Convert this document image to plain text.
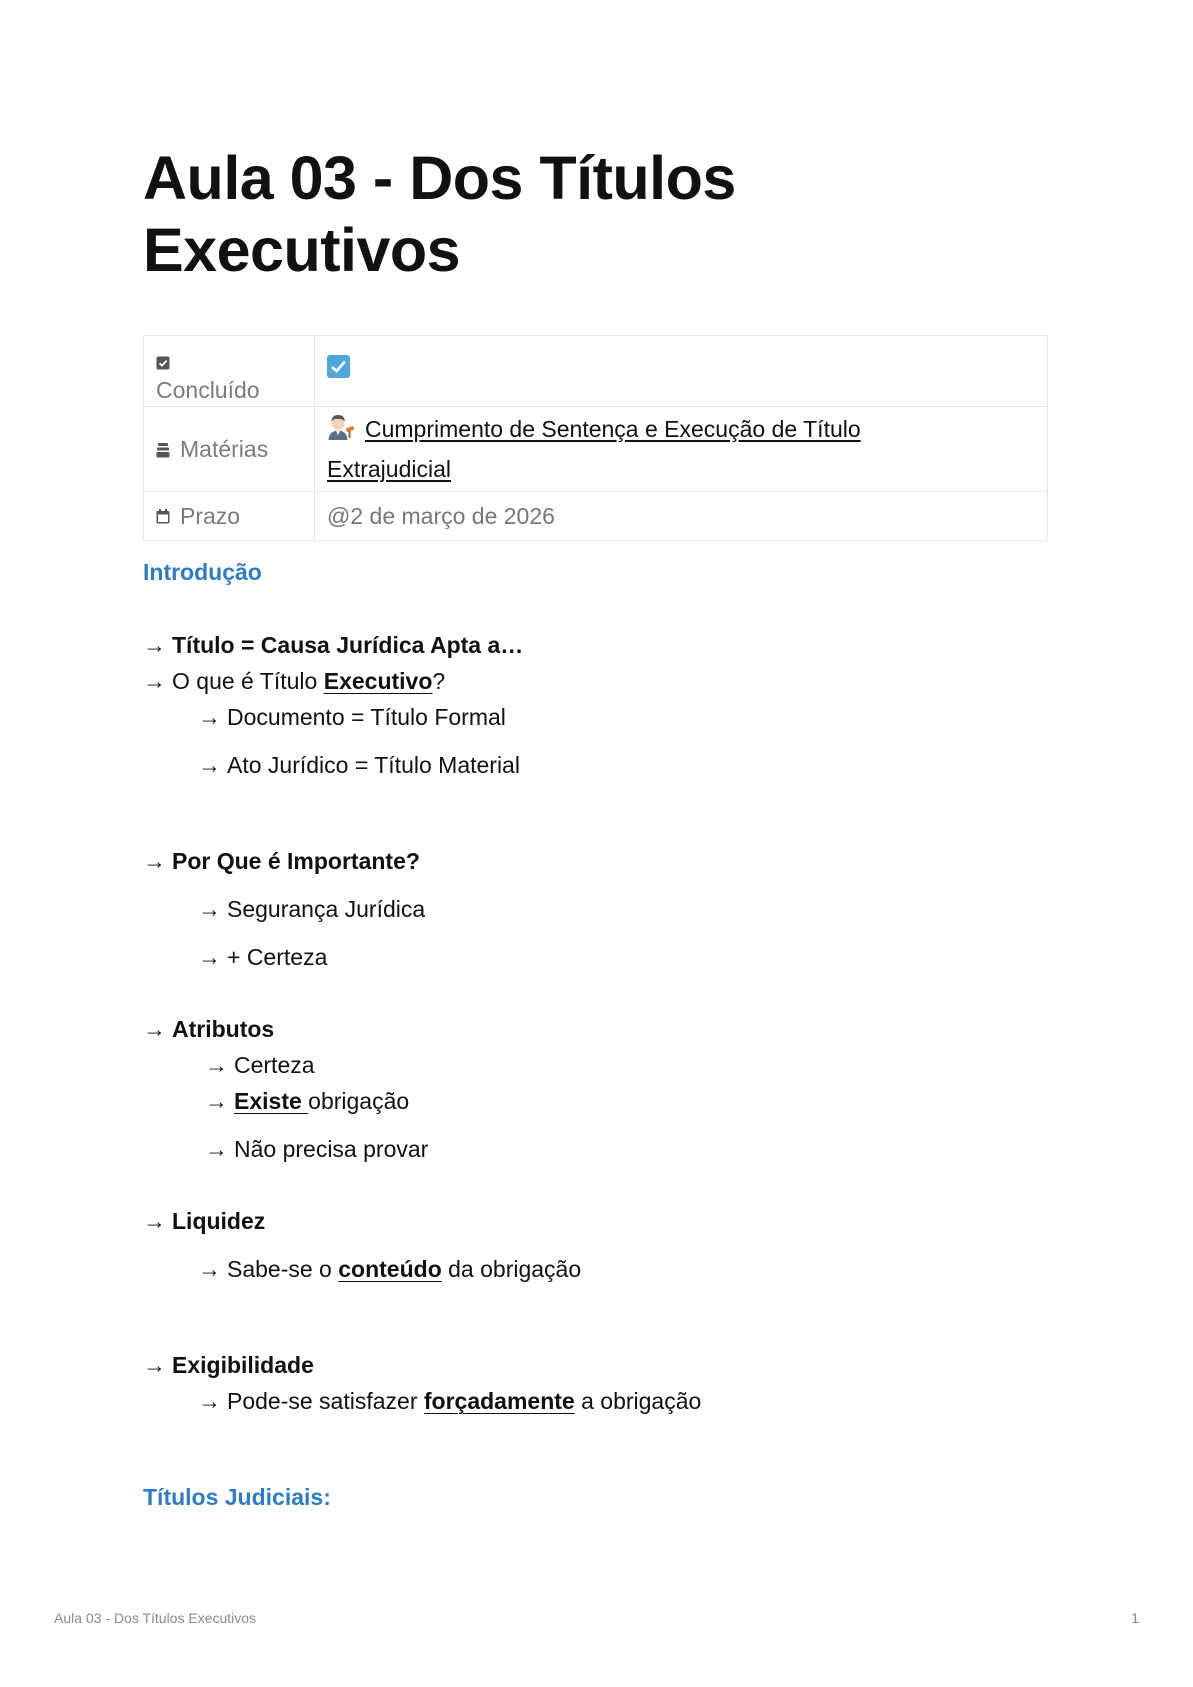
Aula 03 - Dos Títulos
Executivos
Concluído

Matérias	Cumprimento de Sentença e Execução de Título
Extrajudicial

Prazo	@2 de março de 2026
Introdução
→ Título = Causa Jurídica Apta a…
→ O que é Título Executivo?
→ Documento = Título Formal
→ Ato Jurídico = Título Material
→ Por Que é Importante?
→ Segurança Jurídica
→ + Certeza
→ Atributos
→ Certeza
→ Existe obrigação
→ Não precisa provar
→ Liquidez
→ Sabe-se o conteúdo da obrigação
→ Exigibilidade
→ Pode-se satisfazer forçadamente a obrigação
Títulos Judiciais:
Aula 03 - Dos Títulos Executivos	1
